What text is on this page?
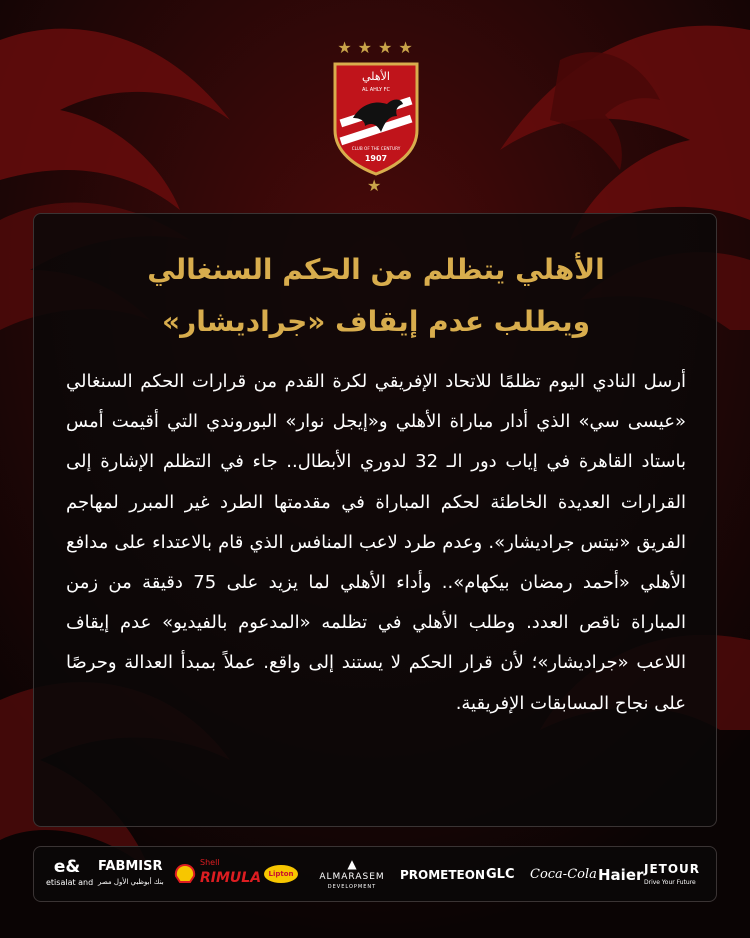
★ ★ ★ ★
الأهلي
AL AHLY FC
CLUB OF THE CENTURY
1907
★
الأهلي يتظلم من الحكم السنغالي
ويطلب عدم إيقاف «جراديشار»
أرسل النادي اليوم تظلمًا للاتحاد الإفريقي لكرة القدم من قرارات الحكم السنغالي «عيسى سي» الذي أدار مباراة الأهلي و«إيجل نوار» البوروندي التي أقيمت أمس باستاد القاهرة في إياب دور الـ 32 لدوري الأبطال.. جاء في التظلم الإشارة إلى القرارات العديدة الخاطئة لحكم المباراة في مقدمتها الطرد غير المبرر لمهاجم الفريق «نيتس جراديشار». وعدم طرد لاعب المنافس الذي قام بالاعتداء على مدافع الأهلي «أحمد رمضان بيكهام».. وأداء الأهلي لما يزيد على 75 دقيقة من زمن المباراة ناقص العدد. وطلب الأهلي في تظلمه «المدعوم بالفيديو» عدم إيقاف اللاعب «جراديشار»؛ لأن قرار الحكم لا يستند إلى واقع. عملاً بمبدأ العدالة وحرصًا على نجاح المسابقات الإفريقية.
e&
etisalat and
FABMISR
بنك أبوظبي الأول مصر
Shell
RIMULA	Lipton
▲
ALMARASEM
DEVELOPMENT
PROMETEON GLC	Coca-Cola Haier JETOUR
Drive Your Future
